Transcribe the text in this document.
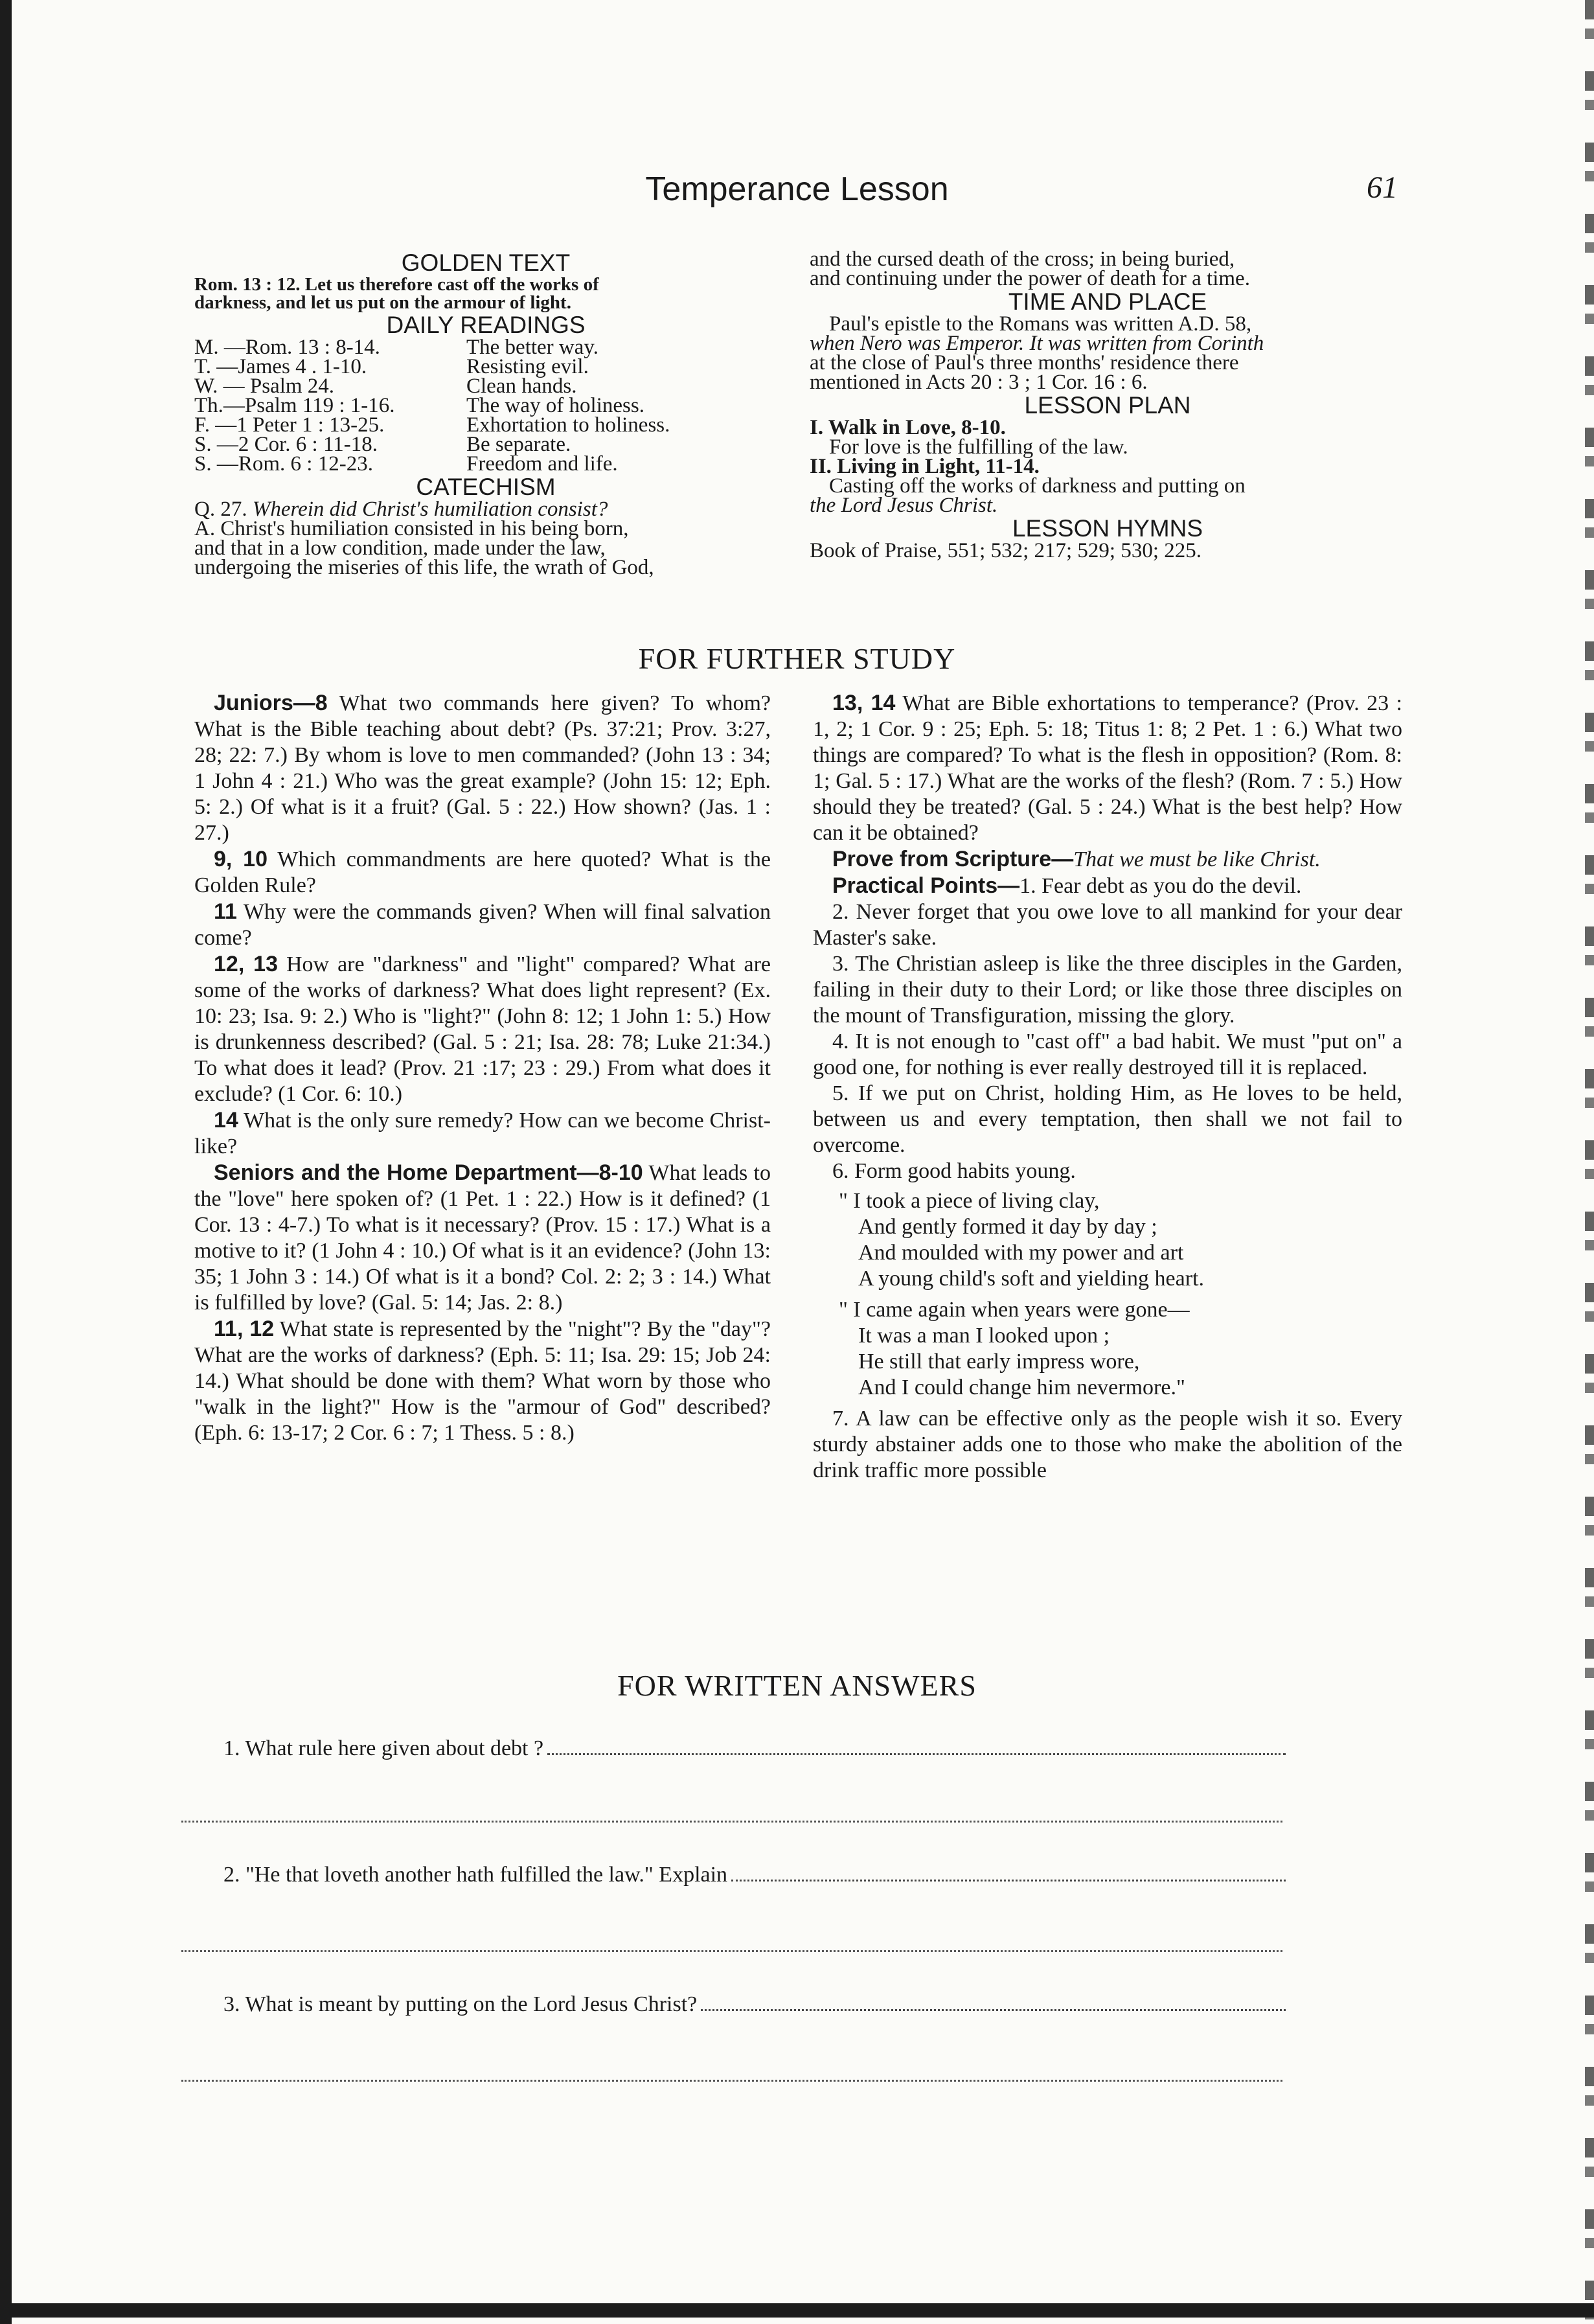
Temperance Lesson	61
GOLDEN TEXT

Rom. 13 : 12. Let us therefore cast off the works of
darkness, and let us put on the armour of light.

DAILY READINGS
M. —Rom. 13 : 8-14.	The better way.
T. —James 4 . 1-10.	Resisting evil.
W. — Psalm 24.	Clean hands.
Th.—Psalm 119 : 1-16.	The way of holiness.
F. —1 Peter 1 : 13-25.	Exhortation to holiness.
S. —2 Cor. 6 : 11-18.	Be separate.
S. —Rom. 6 : 12-23.	Freedom and life.
CATECHISM

Q. 27. Wherein did Christ's humiliation consist?

A. Christ's humiliation consisted in his being born,
and that in a low condition, made under the law,
undergoing the miseries of this life, the wrath of God,

and the cursed death of the cross; in being buried,
and continuing under the power of death for a time.

TIME AND PLACE

Paul's epistle to the Romans was written A.D. 58,
when Nero was Emperor. It was written from Corinth
at the close of Paul's three months' residence there
mentioned in Acts 20 : 3 ; 1 Cor. 16 : 6.

LESSON PLAN

I. Walk in Love, 8-10.
For love is the fulfilling of the law.

II. Living in Light, 11-14.
Casting off the works of darkness and putting on
the Lord Jesus Christ.

LESSON HYMNS

Book of Praise, 551; 532; 217; 529; 530; 225.

FOR FURTHER STUDY

Juniors—8 What two commands here given? To whom? What is the Bible teaching about debt? (Ps. 37:21; Prov. 3:27, 28; 22: 7.) By whom is love to men commanded? (John 13 : 34; 1 John 4 : 21.) Who was the great example? (John 15: 12; Eph. 5: 2.) Of what is it a fruit? (Gal. 5 : 22.) How shown? (Jas. 1 : 27.)

9, 10 Which commandments are here quoted? What is the Golden Rule?

11 Why were the commands given? When will final salvation come?

12, 13 How are "darkness" and "light" compared? What are some of the works of darkness? What does light represent? (Ex. 10: 23; Isa. 9: 2.) Who is "light?" (John 8: 12; 1 John 1: 5.) How is drunkenness described? (Gal. 5 : 21; Isa. 28: 78; Luke 21:34.) To what does it lead? (Prov. 21 :17; 23 : 29.) From what does it exclude? (1 Cor. 6: 10.)

14 What is the only sure remedy? How can we become Christ-like?

Seniors and the Home Department—8-10 What leads to the "love" here spoken of? (1 Pet. 1 : 22.) How is it defined? (1 Cor. 13 : 4-7.) To what is it necessary? (Prov. 15 : 17.) What is a motive to it? (1 John 4 : 10.) Of what is it an evidence? (John 13: 35; 1 John 3 : 14.) Of what is it a bond? Col. 2: 2; 3 : 14.) What is fulfilled by love? (Gal. 5: 14; Jas. 2: 8.)

11, 12 What state is represented by the "night"? By the "day"? What are the works of darkness? (Eph. 5: 11; Isa. 29: 15; Job 24: 14.) What should be done with them? What worn by those who "walk in the light?" How is the "armour of God" described? (Eph. 6: 13-17; 2 Cor. 6 : 7; 1 Thess. 5 : 8.)

13, 14 What are Bible exhortations to temperance? (Prov. 23 : 1, 2; 1 Cor. 9 : 25; Eph. 5: 18; Titus 1: 8; 2 Pet. 1 : 6.) What two things are compared? To what is the flesh in opposition? (Rom. 8: 1; Gal. 5 : 17.) What are the works of the flesh? (Rom. 7 : 5.) How should they be treated? (Gal. 5 : 24.) What is the best help? How can it be obtained?

Prove from Scripture—That we must be like Christ.

Practical Points—1. Fear debt as you do the devil.

2. Never forget that you owe love to all mankind for your dear Master's sake.

3. The Christian asleep is like the three disciples in the Garden, failing in their duty to their Lord; or like those three disciples on the mount of Transfiguration, missing the glory.

4. It is not enough to "cast off" a bad habit. We must "put on" a good one, for nothing is ever really destroyed till it is replaced.

5. If we put on Christ, holding Him, as He loves to be held, between us and every temptation, then shall we not fail to overcome.

6. Form good habits young.

" I took a piece of living clay,
And gently formed it day by day ;
And moulded with my power and art
A young child's soft and yielding heart.
" I came again when years were gone—
It was a man I looked upon ;
He still that early impress wore,
And I could change him nevermore."

7. A law can be effective only as the people wish it so. Every sturdy abstainer adds one to those who make the abolition of the drink traffic more possible

FOR WRITTEN ANSWERS
1. What rule here given about debt ?
2. "He that loveth another hath fulfilled the law." Explain
3. What is meant by putting on the Lord Jesus Christ?
